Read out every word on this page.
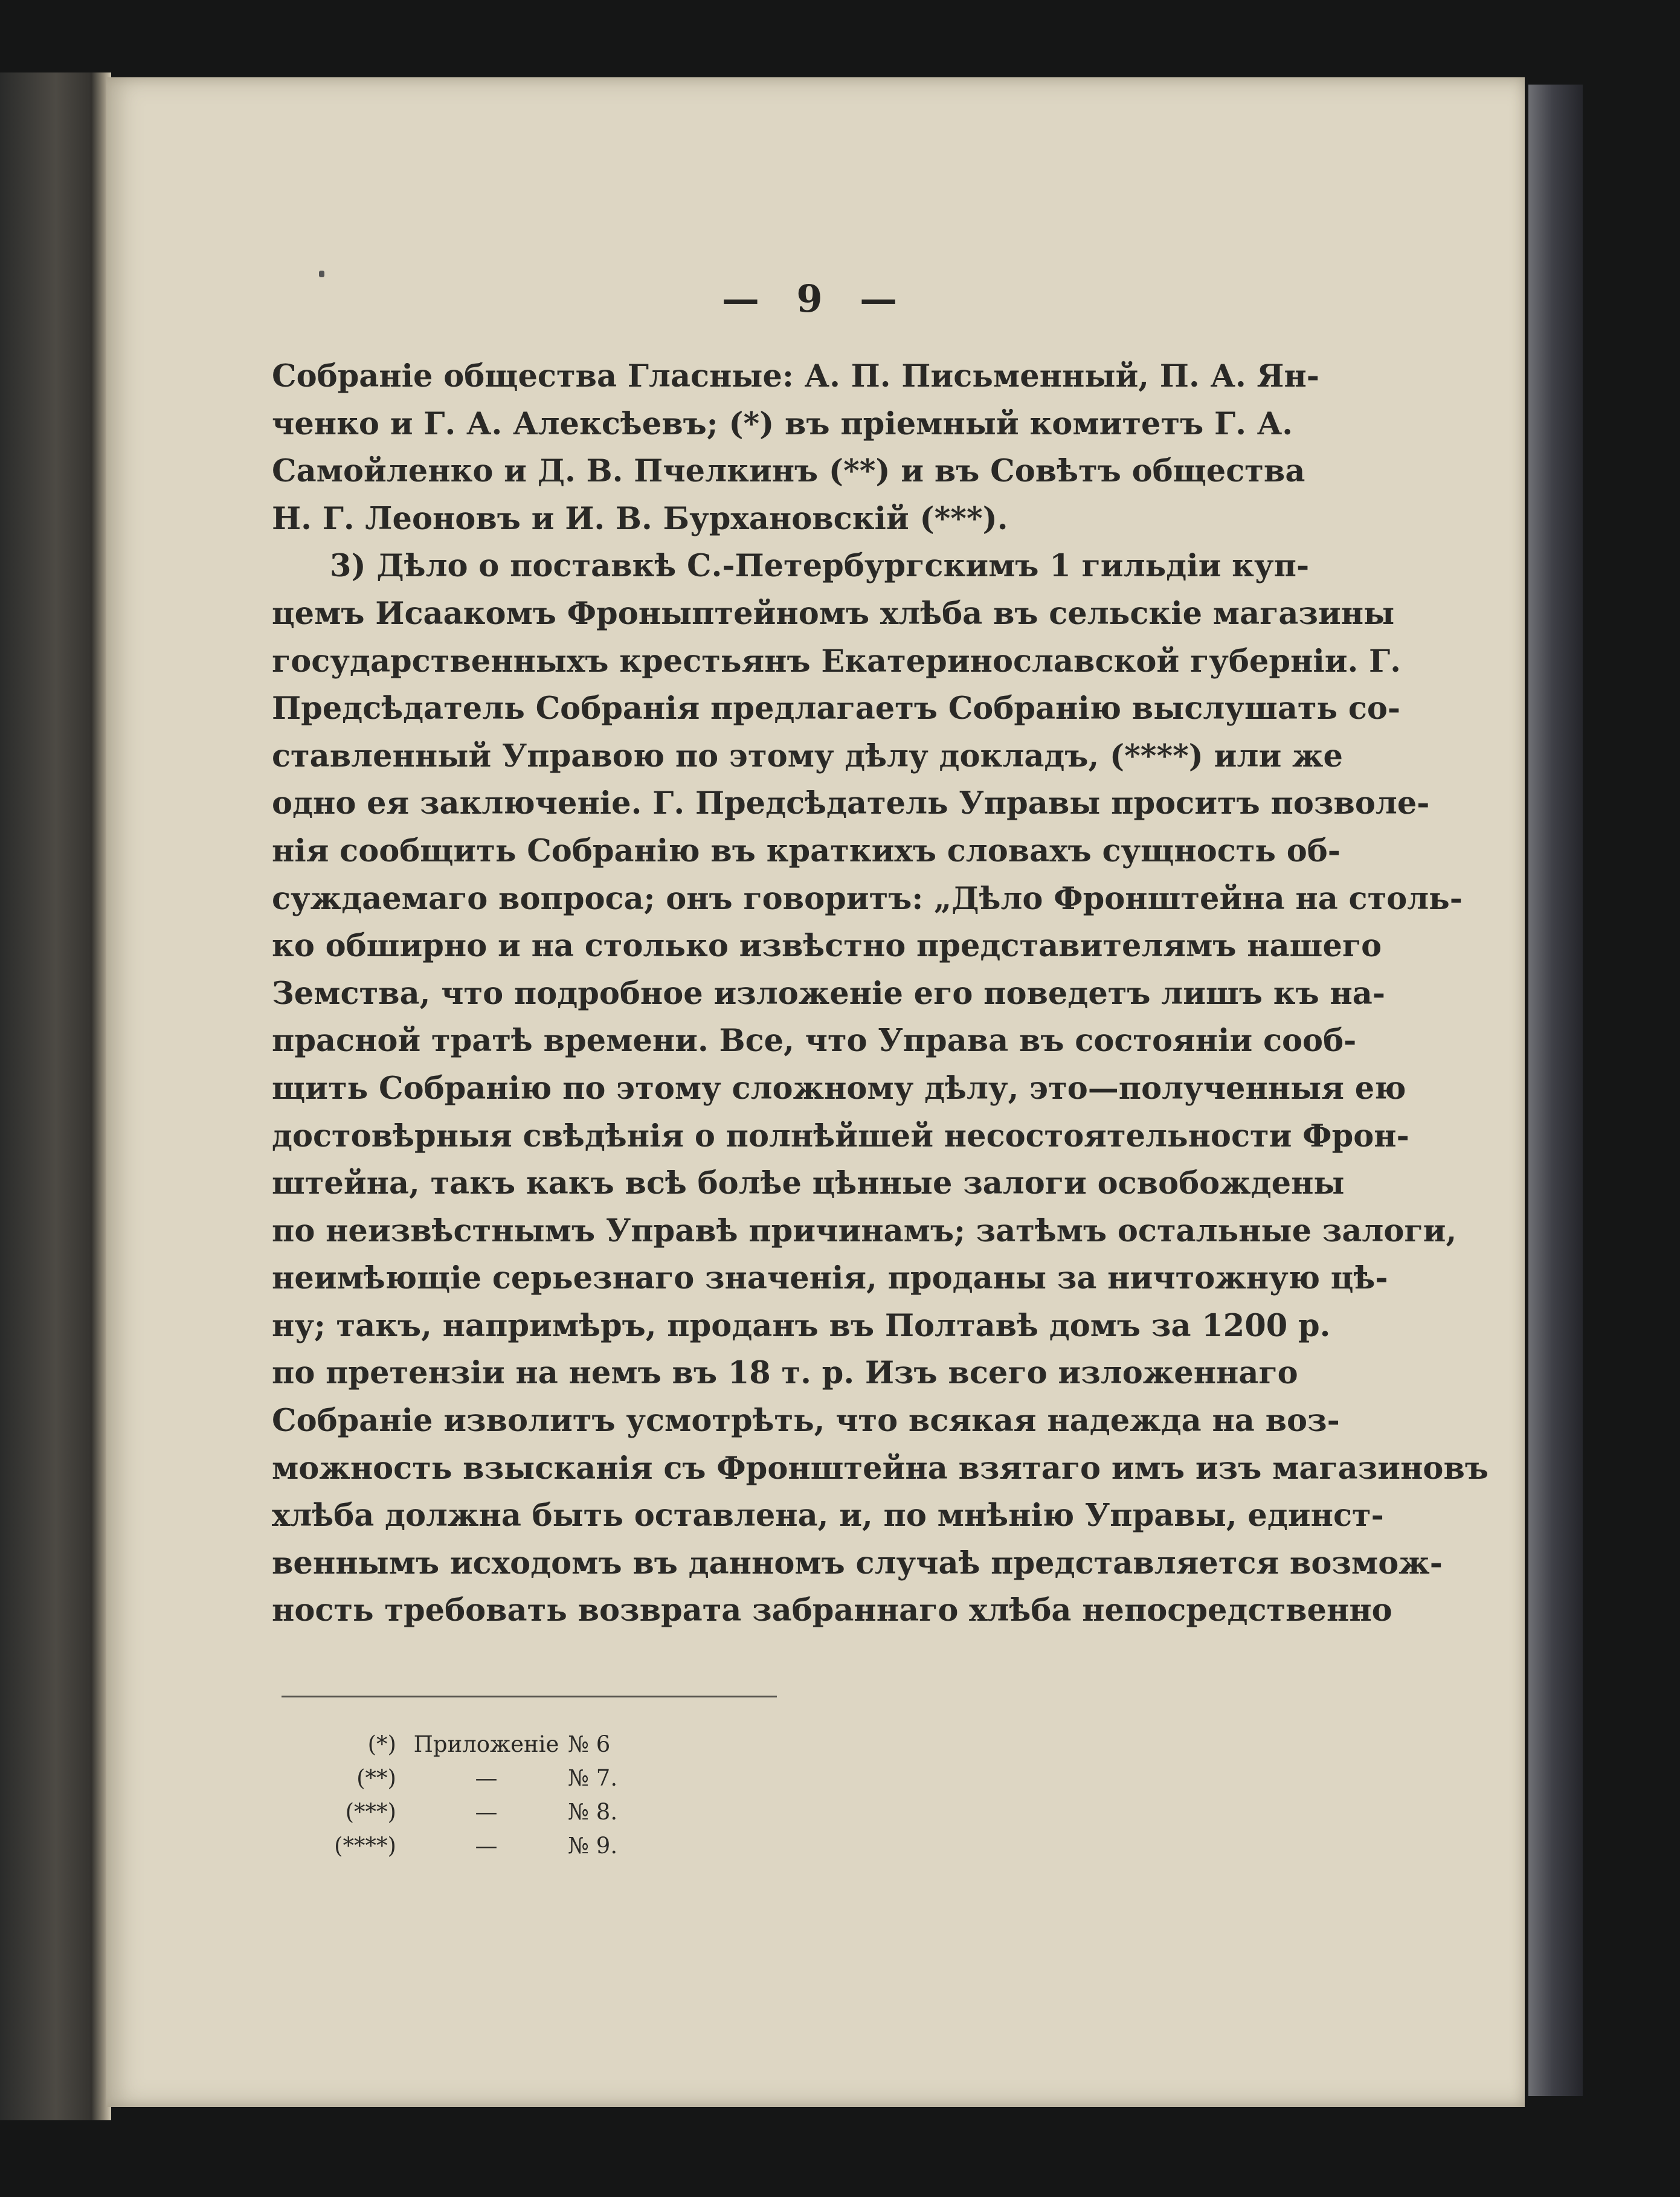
— 9 —
Собраніе общества Гласные: А. П. Письменный, П. А. Ян-
ченко и Г. А. Алексѣевъ; (*) въ пріемный комитетъ Г. А.
Самойленко и Д. В. Пчелкинъ (**) и въ Совѣтъ общества
Н. Г. Леоновъ и И. В. Бурхановскій (***).
3) Дѣло о поставкѣ С.-Петербургскимъ 1 гильдіи куп-
цемъ Исаакомъ Фроныптейномъ хлѣба въ сельскіе магазины
государственныхъ крестьянъ Екатеринославской губерніи. Г.
Предсѣдатель Собранія предлагаетъ Собранію выслушать со-
ставленный Управою по этому дѣлу докладъ, (****) или же
одно ея заключеніе. Г. Предсѣдатель Управы проситъ позволе-
нія сообщить Собранію въ краткихъ словахъ сущность об-
суждаемаго вопроса; онъ говоритъ: „Дѣло Фронштейна на столь-
ко обширно и на столько извѣстно представителямъ нашего
Земства, что подробное изложеніе его поведетъ лишъ къ на-
прасной тратѣ времени. Все, что Управа въ состояніи сооб-
щить Собранію по этому сложному дѣлу, это—полученныя ею
достовѣрныя свѣдѣнія о полнѣйшей несостоятельности Фрон-
штейна, такъ какъ всѣ болѣе цѣнные залоги освобождены
по неизвѣстнымъ Управѣ причинамъ; затѣмъ остальные залоги,
неимѣющіе серьезнаго значенія, проданы за ничтожную цѣ-
ну; такъ, напримѣръ, проданъ въ Полтавѣ домъ за 1200 р.
по претензіи на немъ въ 18 т. р. Изъ всего изложеннаго
Собраніе изволитъ усмотрѣть, что всякая надежда на воз-
можность взысканія съ Фронштейна взятаго имъ изъ магазиновъ
хлѣба должна быть оставлена, и, по мнѣнію Управы, единст-
веннымъ исходомъ въ данномъ случаѣ представляется возмож-
ность требовать возврата забраннаго хлѣба непосредственно
(*) Приложеніе № 6
(**)	—	№ 7.
(***)	—	№ 8.
(****)	—	№ 9.
